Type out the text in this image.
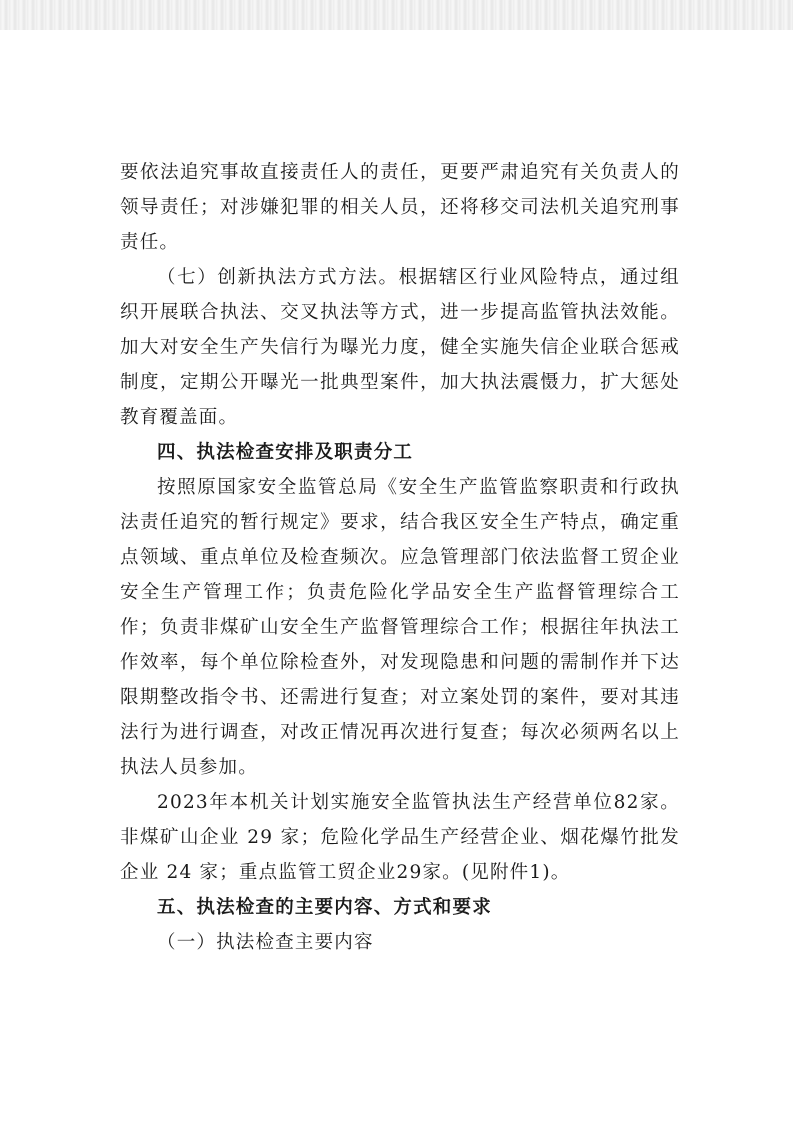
要依法追究事故直接责任人的责任，更要严肃追究有关负责人的领导责任；对涉嫌犯罪的相关人员，还将移交司法机关追究刑事责任。

（七）创新执法方式方法。根据辖区行业风险特点，通过组织开展联合执法、交叉执法等方式，进一步提高监管执法效能。加大对安全生产失信行为曝光力度，健全实施失信企业联合惩戒制度，定期公开曝光一批典型案件，加大执法震慑力，扩大惩处教育覆盖面。

四、执法检查安排及职责分工

按照原国家安全监管总局《安全生产监管监察职责和行政执法责任追究的暂行规定》要求，结合我区安全生产特点，确定重点领域、重点单位及检查频次。应急管理部门依法监督工贸企业安全生产管理工作；负责危险化学品安全生产监督管理综合工作；负责非煤矿山安全生产监督管理综合工作；根据往年执法工作效率，每个单位除检查外，对发现隐患和问题的需制作并下达限期整改指令书、还需进行复查；对立案处罚的案件，要对其违法行为进行调查，对改正情况再次进行复查；每次必须两名以上执法人员参加。

2023年本机关计划实施安全监管执法生产经营单位82家。非煤矿山企业 29 家；危险化学品生产经营企业、烟花爆竹批发企业 24 家；重点监管工贸企业29家。(见附件1)。

五、执法检查的主要内容、方式和要求

（一）执法检查主要内容
